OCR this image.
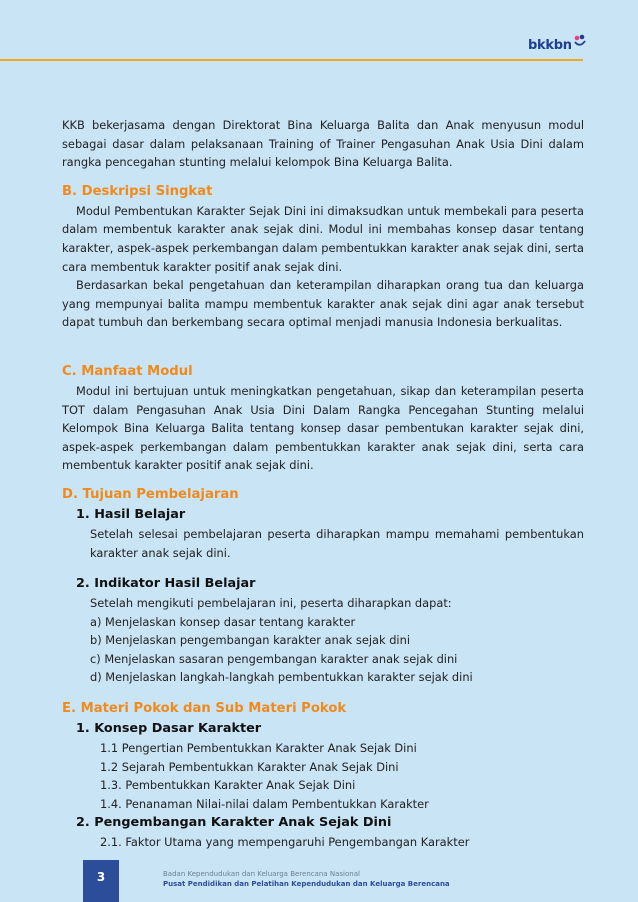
bkkbn

KKB bekerjasama dengan Direktorat Bina Keluarga Balita dan Anak menyusun modul sebagai dasar dalam pelaksanaan Training of Trainer Pengasuhan Anak Usia Dini dalam rangka pencegahan stunting melalui kelompok Bina Keluarga Balita.

B. Deskripsi Singkat

Modul Pembentukan Karakter Sejak Dini ini dimaksudkan untuk membekali para peserta dalam membentuk karakter anak sejak dini. Modul ini membahas konsep dasar tentang karakter, aspek-aspek perkembangan dalam pembentukkan karakter anak sejak dini, serta cara membentuk karakter positif anak sejak dini.

Berdasarkan bekal pengetahuan dan keterampilan diharapkan orang tua dan keluarga yang mempunyai balita mampu membentuk karakter anak sejak dini agar anak tersebut dapat tumbuh dan berkembang secara optimal menjadi manusia Indonesia berkualitas.

C. Manfaat Modul

Modul ini bertujuan untuk meningkatkan pengetahuan, sikap dan keterampilan peserta TOT dalam Pengasuhan Anak Usia Dini Dalam Rangka Pencegahan Stunting melalui Kelompok Bina Keluarga Balita tentang konsep dasar pembentukan karakter sejak dini, aspek-aspek perkembangan dalam pembentukkan karakter anak sejak dini, serta cara membentuk karakter positif anak sejak dini.

D. Tujuan Pembelajaran
1. Hasil Belajar

Setelah selesai pembelajaran peserta diharapkan mampu memahami pembentukan karakter anak sejak dini.

2. Indikator Hasil Belajar

Setelah mengikuti pembelajaran ini, peserta diharapkan dapat:

a) Menjelaskan konsep dasar tentang karakter
b) Menjelaskan pengembangan karakter anak sejak dini
c) Menjelaskan sasaran pengembangan karakter anak sejak dini
d) Menjelaskan langkah-langkah pembentukkan karakter sejak dini
E. Materi Pokok dan Sub Materi Pokok
1. Konsep Dasar Karakter
1.1 Pengertian Pembentukkan Karakter Anak Sejak Dini
1.2 Sejarah Pembentukkan Karakter Anak Sejak Dini
1.3. Pembentukkan Karakter Anak Sejak Dini
1.4. Penanaman Nilai-nilai dalam Pembentukkan Karakter
2. Pengembangan Karakter Anak Sejak Dini
2.1. Faktor Utama yang mempengaruhi Pengembangan Karakter
3	Badan Kependudukan dan Keluarga Berencana Nasional
Pusat Pendidikan dan Pelatihan Kependudukan dan Keluarga Berencana
